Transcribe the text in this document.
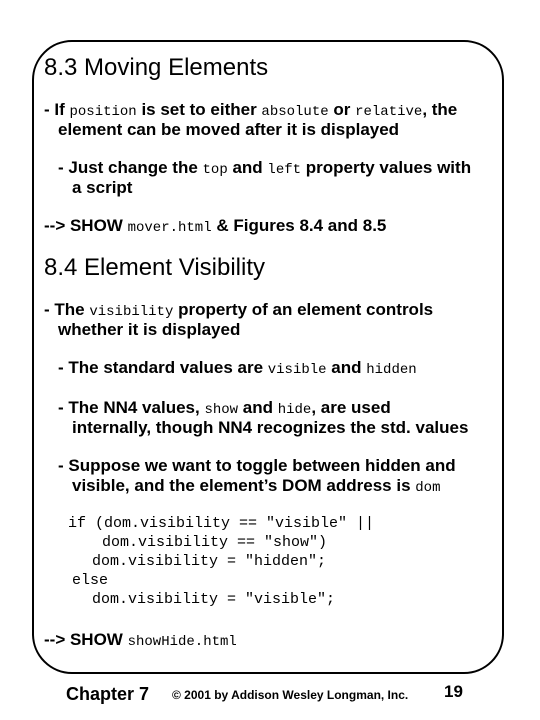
8.3 Moving Elements
- If position is set to either absolute or relative, the
element can be moved after it is displayed
- Just change the top and left property values with
a script
--> SHOW mover.html & Figures 8.4 and 8.5
8.4 Element Visibility
- The visibility property of an element controls
whether it is displayed
- The standard values are visible and hidden
- The NN4 values, show and hide, are used
internally, though NN4 recognizes the std. values
- Suppose we want to toggle between hidden and
visible, and the element’s DOM address is dom
if (dom.visibility == "visible" ||
dom.visibility == "show")
dom.visibility = "hidden";
else
dom.visibility = "visible";
--> SHOW showHide.html
Chapter 7 © 2001 by Addison Wesley Longman, Inc. 19
